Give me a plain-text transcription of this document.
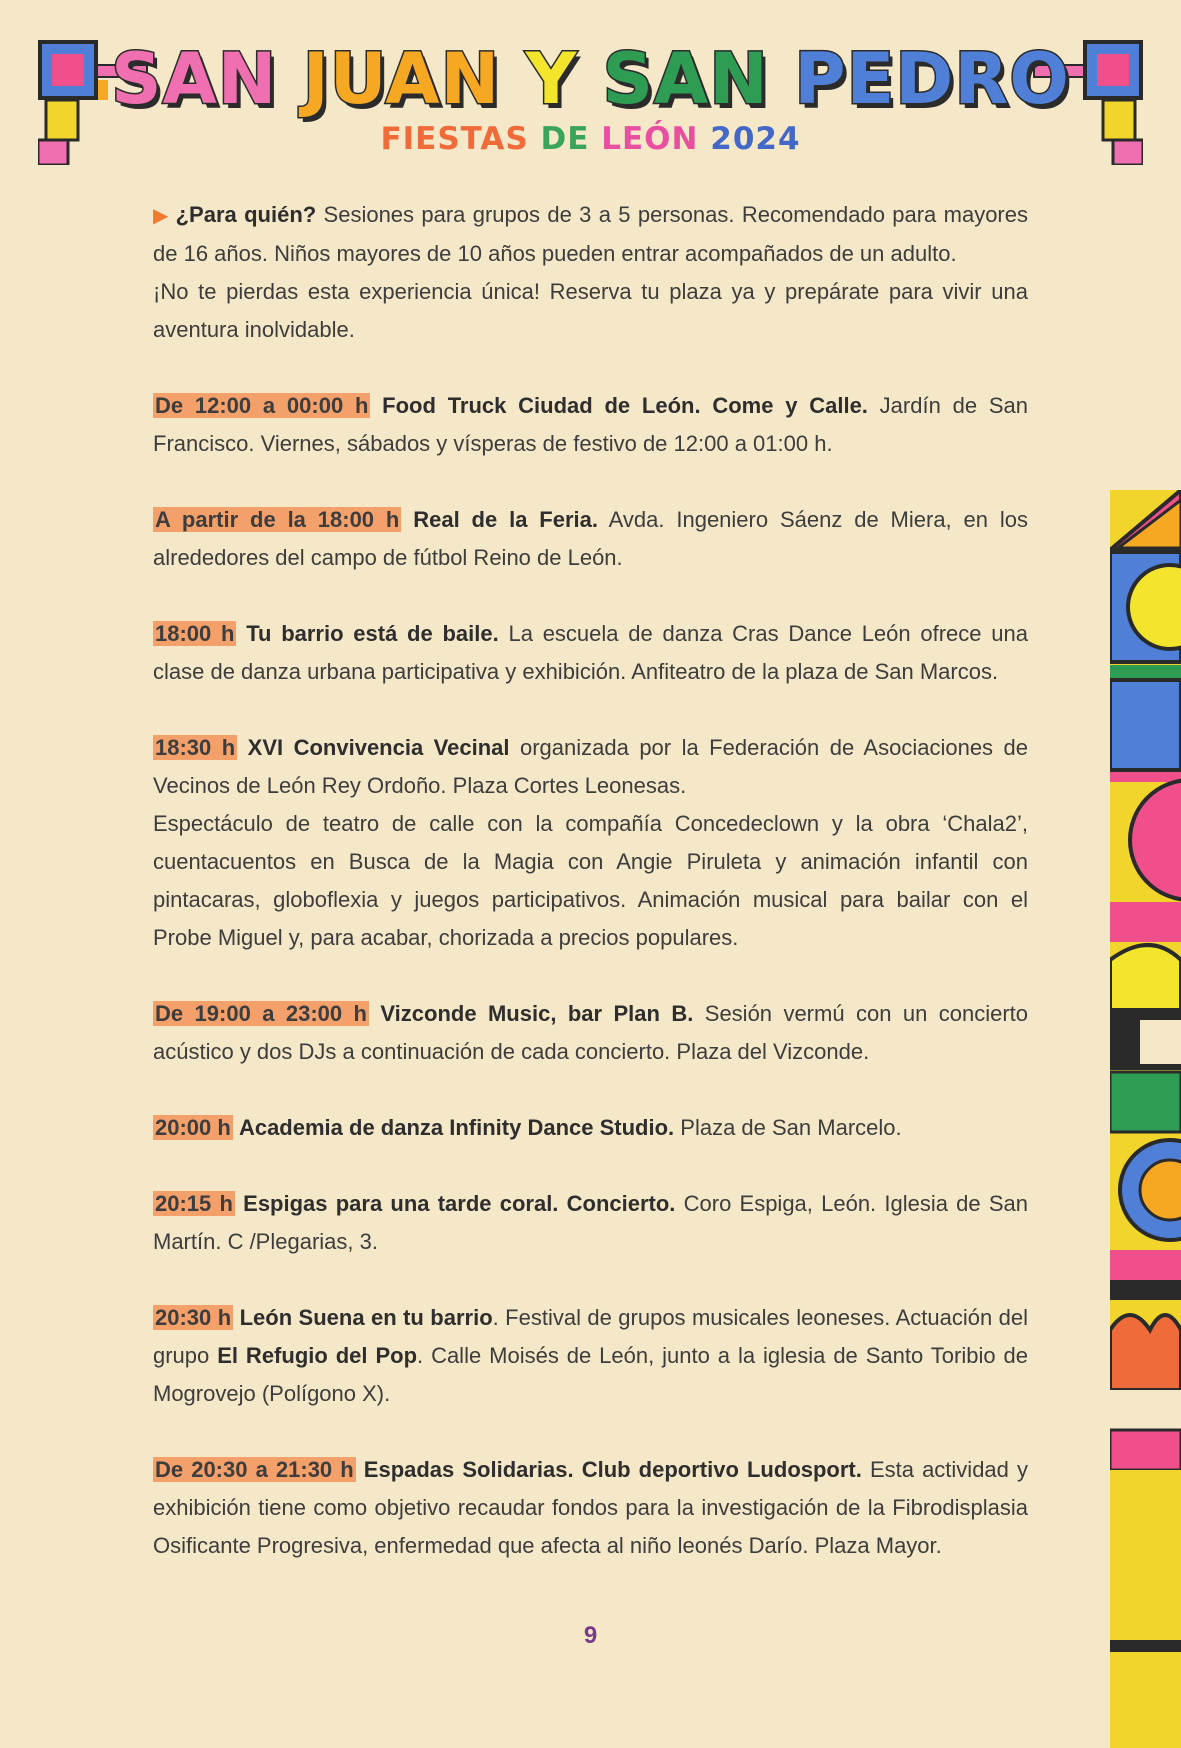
SAN JUAN Y SAN PEDRO
FIESTAS DE LEÓN 2024

▶ ¿Para quién? Sesiones para grupos de 3 a 5 personas. Recomendado para mayores de 16 años. Niños mayores de 10 años pueden entrar acompañados de un adulto.

¡No te pierdas esta experiencia única! Reserva tu plaza ya y prepárate para vivir una aventura inolvidable.

De 12:00 a 00:00 h Food Truck Ciudad de León. Come y Calle. Jardín de San Francisco. Viernes, sábados y vísperas de festivo de 12:00 a 01:00 h.

A partir de la 18:00 h Real de la Feria. Avda. Ingeniero Sáenz de Miera, en los alrededores del campo de fútbol Reino de León.

18:00 h Tu barrio está de baile. La escuela de danza Cras Dance León ofrece una clase de danza urbana participativa y exhibición. Anfiteatro de la plaza de San Marcos.

18:30 h XVI Convivencia Vecinal organizada por la Federación de Asociaciones de Vecinos de León Rey Ordoño. Plaza Cortes Leonesas.

Espectáculo de teatro de calle con la compañía Concedeclown y la obra ‘Chala2’, cuentacuentos en Busca de la Magia con Angie Piruleta y animación infantil con pintacaras, globoflexia y juegos participativos. Animación musical para bailar con el Probe Miguel y, para acabar, chorizada a precios populares.

De 19:00 a 23:00 h Vizconde Music, bar Plan B. Sesión vermú con un concierto acústico y dos DJs a continuación de cada concierto. Plaza del Vizconde.

20:00 h Academia de danza Infinity Dance Studio. Plaza de San Marcelo.

20:15 h Espigas para una tarde coral. Concierto. Coro Espiga, León. Iglesia de San Martín. C /Plegarias, 3.

20:30 h León Suena en tu barrio. Festival de grupos musicales leoneses. Actuación del grupo El Refugio del Pop. Calle Moisés de León, junto a la iglesia de Santo Toribio de Mogrovejo (Polígono X).

De 20:30 a 21:30 h Espadas Solidarias. Club deportivo Ludosport. Esta actividad y exhibición tiene como objetivo recaudar fondos para la investigación de la Fibrodisplasia Osificante Progresiva, enfermedad que afecta al niño leonés Darío. Plaza Mayor.

9
